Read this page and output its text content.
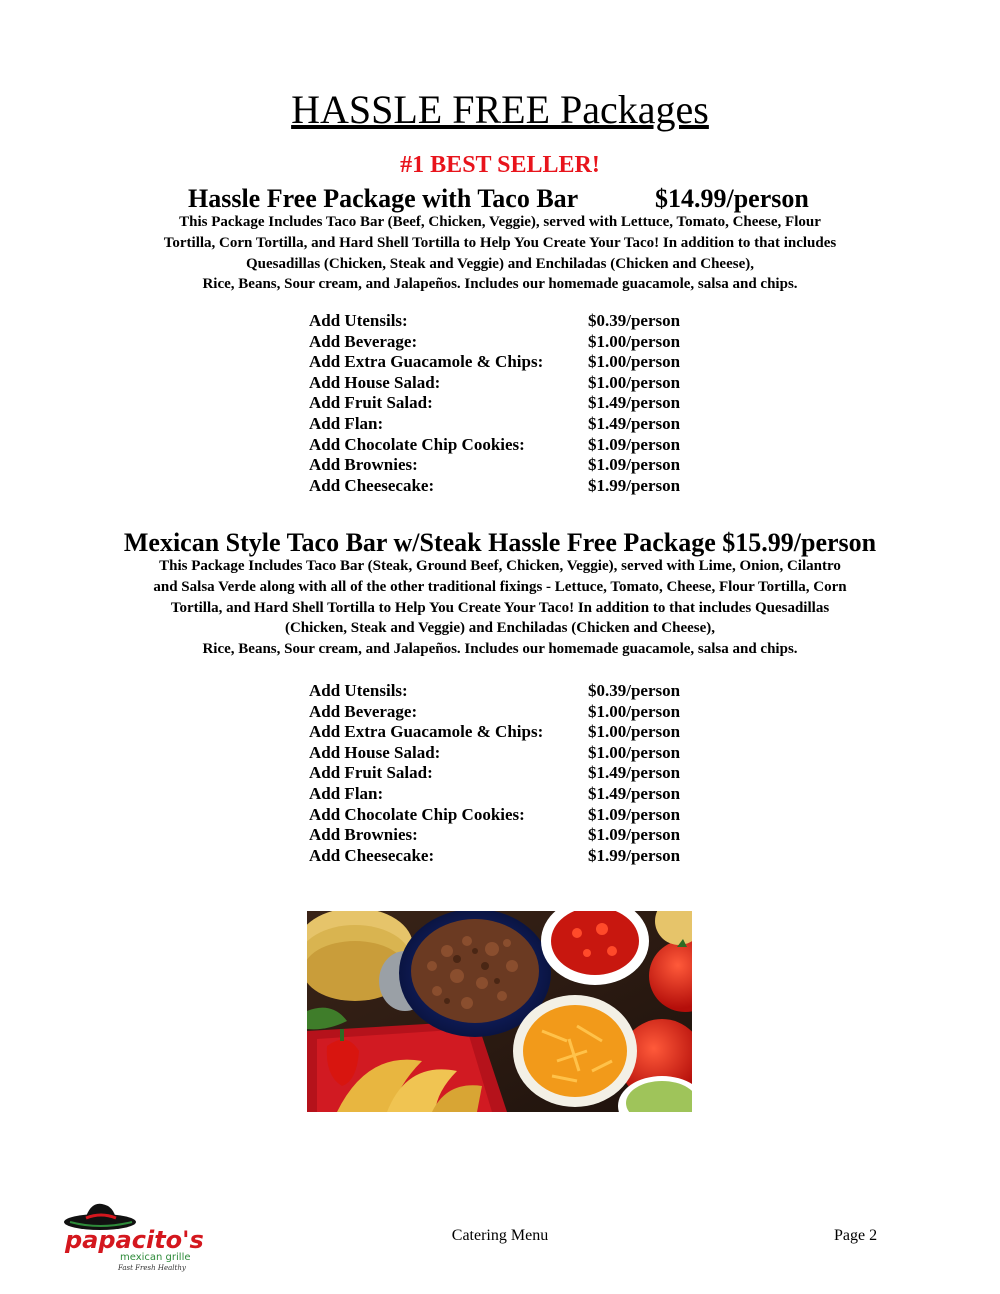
HASSLE FREE Packages
#1 BEST SELLER!
Hassle Free Package with Taco Bar	$14.99/person
This Package Includes Taco Bar (Beef, Chicken, Veggie), served with Lettuce, Tomato, Cheese, Flour
Tortilla, Corn Tortilla, and Hard Shell Tortilla to Help You Create Your Taco! In addition to that includes
Quesadillas (Chicken, Steak and Veggie) and Enchiladas (Chicken and Cheese),
Rice, Beans, Sour cream, and Jalapeños. Includes our homemade guacamole, salsa and chips.
Add Utensils:	$0.39/person
Add Beverage:	$1.00/person
Add Extra Guacamole & Chips:	$1.00/person
Add House Salad:	$1.00/person
Add Fruit Salad:	$1.49/person
Add Flan:	$1.49/person
Add Chocolate Chip Cookies:	$1.09/person
Add Brownies:	$1.09/person
Add Cheesecake:	$1.99/person
Mexican Style Taco Bar w/Steak Hassle Free Package $15.99/person
This Package Includes Taco Bar (Steak, Ground Beef, Chicken, Veggie), served with Lime, Onion, Cilantro
and Salsa Verde along with all of the other traditional fixings - Lettuce, Tomato, Cheese, Flour Tortilla, Corn
Tortilla, and Hard Shell Tortilla to Help You Create Your Taco! In addition to that includes Quesadillas
(Chicken, Steak and Veggie) and Enchiladas (Chicken and Cheese),
Rice, Beans, Sour cream, and Jalapeños. Includes our homemade guacamole, salsa and chips.
Add Utensils:	$0.39/person
Add Beverage:	$1.00/person
Add Extra Guacamole & Chips:	$1.00/person
Add House Salad:	$1.00/person
Add Fruit Salad:	$1.49/person
Add Flan:	$1.49/person
Add Chocolate Chip Cookies:	$1.09/person
Add Brownies:	$1.09/person
Add Cheesecake:	$1.99/person
papacito's
mexican grille
Fast Fresh Healthy
Catering Menu	Page 2
